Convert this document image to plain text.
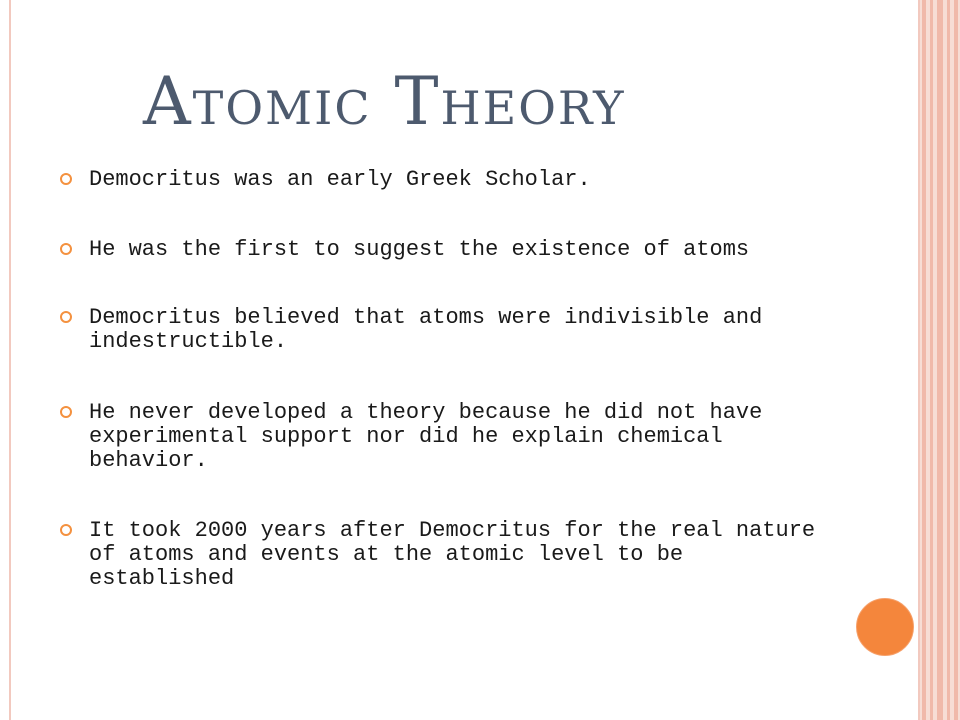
Atomic Theory
Democritus was an early Greek Scholar.
He was the first to suggest the existence of atoms
Democritus believed that atoms were indivisible and indestructible.
He never developed a theory because he did not have experimental support nor did he explain chemical behavior.
It took 2000 years after Democritus for the real nature of atoms and events at the atomic level to be established
